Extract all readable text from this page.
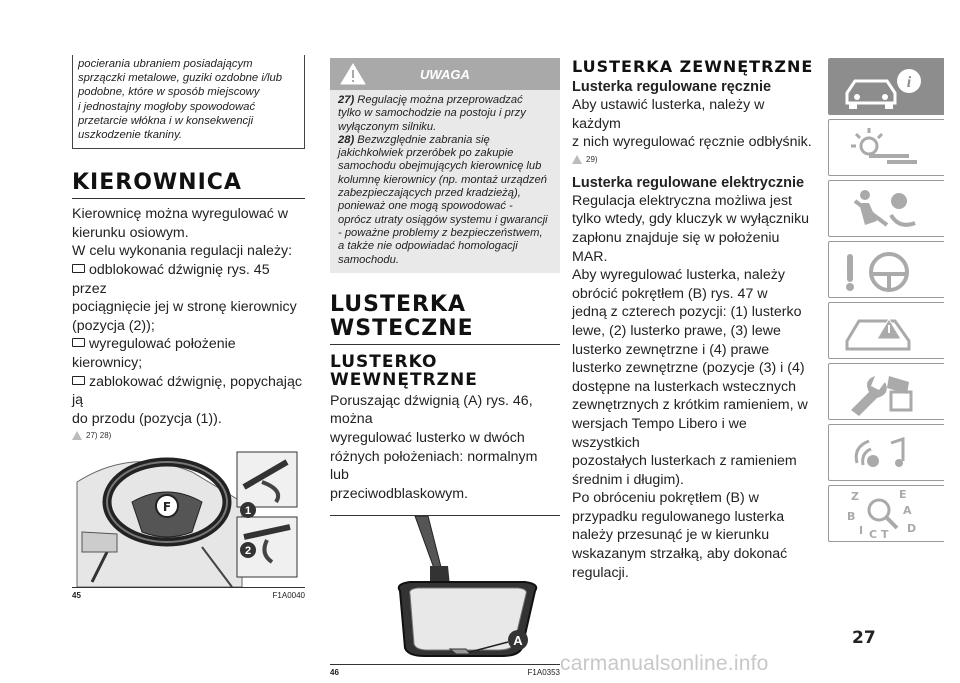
pocierania ubraniem posiadającym
sprzączki metalowe, guziki ozdobne i/lub
podobne, które w sposób miejscowy
i jednostajny mogłoby spowodować
przetarcie włókna i w konsekwencji
uszkodzenie tkaniny.
KIEROWNICA

Kierownicę można wyregulować w

kierunku osiowym.

W celu wykonania regulacji należy:

odblokować dźwignię rys. 45 przez

pociągnięcie jej w stronę kierownicy

(pozycja (2));

wyregulować położenie kierownicy;

zablokować dźwignię, popychając ją

do przodu (pozycja (1)).

27) 28)
F	1
2
45	F1A0040
UWAGA
27) Regulację można przeprowadzać
tylko w samochodzie na postoju i przy
wyłączonym silniku.
28) Bezwzględnie zabrania się
jakichkolwiek przeróbek po zakupie
samochodu obejmujących kierownicę lub
kolumnę kierownicy (np. montaż urządzeń
zabezpieczających przed kradzieżą),
ponieważ one mogą spowodować -
oprócz utraty osiągów systemu i gwarancji
- poważne problemy z bezpieczeństwem,
a także nie odpowiadać homologacji
samochodu.
LUSTERKA
WSTECZNE
LUSTERKO
WEWNĘTRZNE

Poruszając dźwignią (A) rys. 46, można

wyregulować lusterko w dwóch

różnych położeniach: normalnym lub

przeciwodblaskowym.

A
46	F1A0353
LUSTERKA ZEWNĘTRZNE
Lusterka regulowane ręcznie

Aby ustawić lusterka, należy w każdym

z nich wyregulować ręcznie odbłyśnik.

29)
Lusterka regulowane elektrycznie

Regulacja elektryczna możliwa jest

tylko wtedy, gdy kluczyk w wyłączniku

zapłonu znajduje się w położeniu MAR.

Aby wyregulować lusterka, należy

obrócić pokrętłem (B) rys. 47 w

jedną z czterech pozycji: (1) lusterko

lewe, (2) lusterko prawe, (3) lewe

lusterko zewnętrzne i (4) prawe

lusterko zewnętrzne (pozycje (3) i (4)

dostępne na lusterkach wstecznych

zewnętrznych z krótkim ramieniem, w

wersjach Tempo Libero i we wszystkich

pozostałych lusterkach z ramieniem

średnim i długim).

Po obróceniu pokrętłem (B) w

przypadku regulowanego lusterka

należy przesunąć je w kierunku

wskazanym strzałką, aby dokonać

regulacji.

i
Z	E
A
B
I C T D
27
carmanualsonline.info
